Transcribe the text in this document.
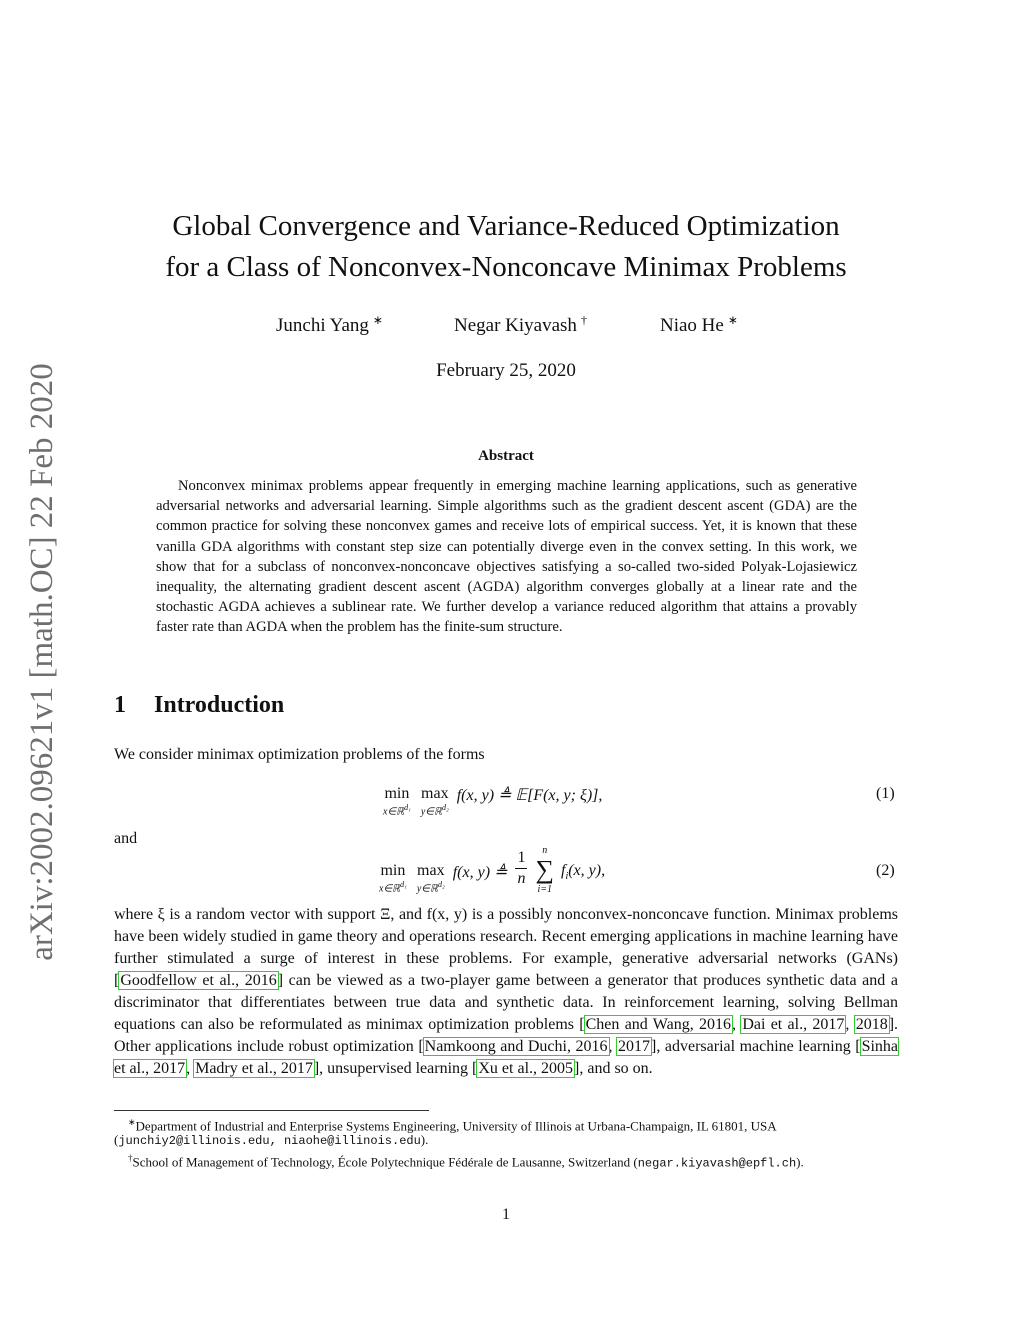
arXiv:2002.09621v1 [math.OC] 22 Feb 2020
Global Convergence and Variance-Reduced Optimization
for a Class of Nonconvex-Nonconcave Minimax Problems
Junchi Yang ∗	Negar Kiyavash †	Niao He ∗
February 25, 2020
Abstract
Nonconvex minimax problems appear frequently in emerging machine learning applications, such as generative adversarial networks and adversarial learning. Simple algorithms such as the gradient descent ascent (GDA) are the common practice for solving these nonconvex games and receive lots of empirical success. Yet, it is known that these vanilla GDA algorithms with constant step size can potentially diverge even in the convex setting. In this work, we show that for a subclass of nonconvex-nonconcave objectives satisfying a so-called two-sided Polyak-Lojasiewicz inequality, the alternating gradient descent ascent (AGDA) algorithm converges globally at a linear rate and the stochastic AGDA achieves a sublinear rate. We further develop a variance reduced algorithm that attains a provably faster rate than AGDA when the problem has the finite-sum structure.
1 Introduction
We consider minimax optimization problems of the forms
min
x∈ℝ$^{d_1}$

max
y∈ℝ$^{d_2}$
f(x, y) ≜ 𝔼[F(x, y; ξ)],	(1)
and
min
x∈ℝ$^{d_1}$

max
y∈ℝ$^{d_2}$
f(x, y) ≜ $\frac{1}{n}$
	n
∑
i=1
$f_i(x$, y),	(2)
where ξ is a random vector with support Ξ, and f(x, y) is a possibly nonconvex-nonconcave function. Minimax problems have been widely studied in game theory and operations research. Recent emerging applications in machine learning have further stimulated a surge of interest in these problems. For example, generative adversarial networks (GANs) [Goodfellow et al., 2016] can be viewed as a two-player game between a generator that produces synthetic data and a discriminator that differentiates between true data and synthetic data. In reinforcement learning, solving Bellman equations can also be reformulated as minimax optimization problems [Chen and Wang, 2016, Dai et al., 2017, 2018]. Other applications include robust optimization [Namkoong and Duchi, 2016, 2017], adversarial machine learning [Sinha et al., 2017, Madry et al., 2017], unsupervised learning [Xu et al., 2005], and so on.
∗Department of Industrial and Enterprise Systems Engineering, University of Illinois at Urbana-Champaign, IL 61801, USA
(junchiy2@illinois.edu, niaohe@illinois.edu).
†School of Management of Technology, École Polytechnique Fédérale de Lausanne, Switzerland (negar.kiyavash@epfl.ch).
1
